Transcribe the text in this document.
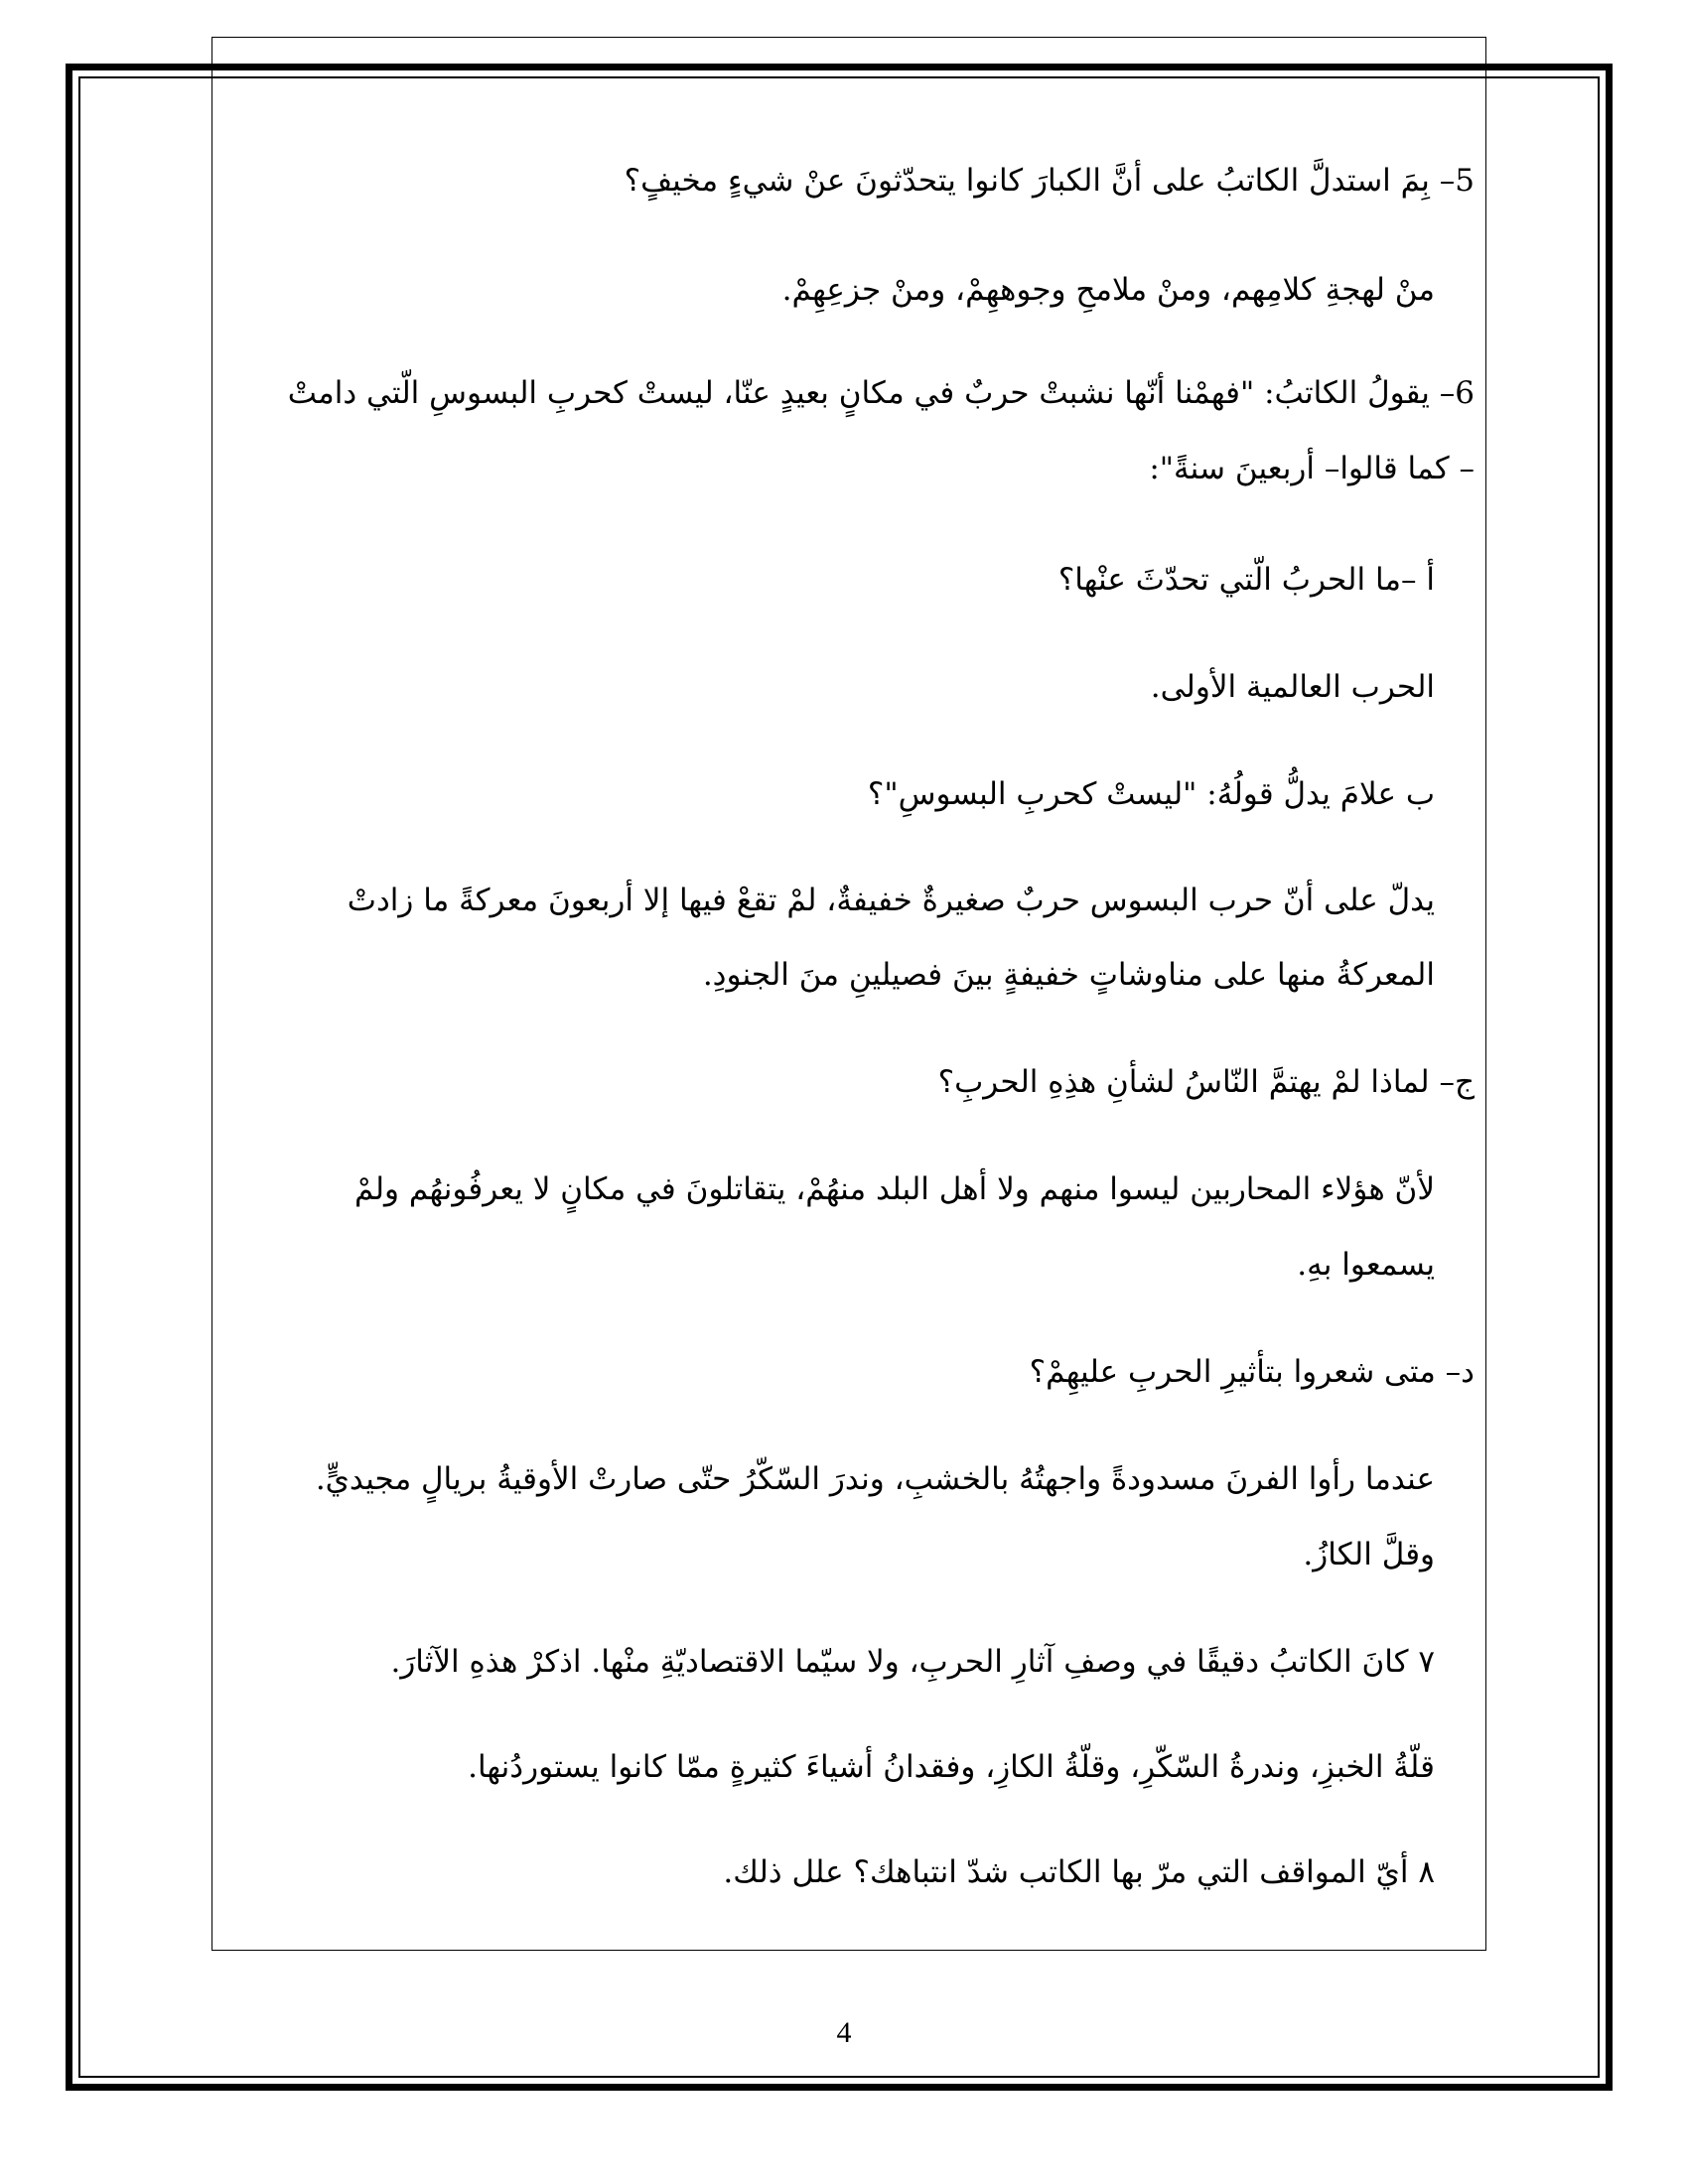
5– بِمَ استدلَّ الكاتبُ على أنَّ الكبارَ كانوا يتحدّثونَ عنْ شيءٍ مخيفٍ؟
منْ لهجةِ كلامِهم، ومنْ ملامحِ وجوههِمْ، ومنْ جزعِهِمْ.
6– يقولُ الكاتبُ: "فهمْنا أنّها نشبتْ حربٌ في مكانٍ بعيدٍ عنّا، ليستْ كحربِ البسوسِ الّتي دامتْ
– كما قالوا– أربعينَ سنةً":
أ –ما الحربُ الّتي تحدّثَ عنْها؟
الحرب العالمية الأولى.
ب علامَ يدلُّ قولُهُ: "ليستْ كحربِ البسوسِ"؟
يدلّ على أنّ حرب البسوس حربٌ صغيرةٌ خفيفةٌ، لمْ تقعْ فيها إلا أربعونَ معركةً ما زادتْ
المعركةُ منها على مناوشاتٍ خفيفةٍ بينَ فصيلينِ منَ الجنودِ.
ج– لماذا لمْ يهتمَّ النّاسُ لشأنِ هذِهِ الحربِ؟
لأنّ هؤلاء المحاربين ليسوا منهم ولا أهل البلد منهُمْ، يتقاتلونَ في مكانٍ لا يعرفُونهُم ولمْ
يسمعوا بهِ.
د– متى شعروا بتأثيرِ الحربِ عليهِمْ؟
عندما رأوا الفرنَ مسدودةً واجهتُهُ بالخشبِ، وندرَ السّكّرُ حتّى صارتْ الأوقيةُ بريالٍ مجيديٍّ.
وقلَّ الكازُ.
٧ كانَ الكاتبُ دقيقًا في وصفِ آثارِ الحربِ، ولا سيّما الاقتصاديّةِ منْها. اذكرْ هذهِ الآثارَ.
قلّةُ الخبزِ، وندرةُ السّكّرِ، وقلّةُ الكازِ، وفقدانُ أشياءَ كثيرةٍ ممّا كانوا يستوردُنها.
٨ أيّ المواقف التي مرّ بها الكاتب شدّ انتباهك؟ علل ذلك.
4
